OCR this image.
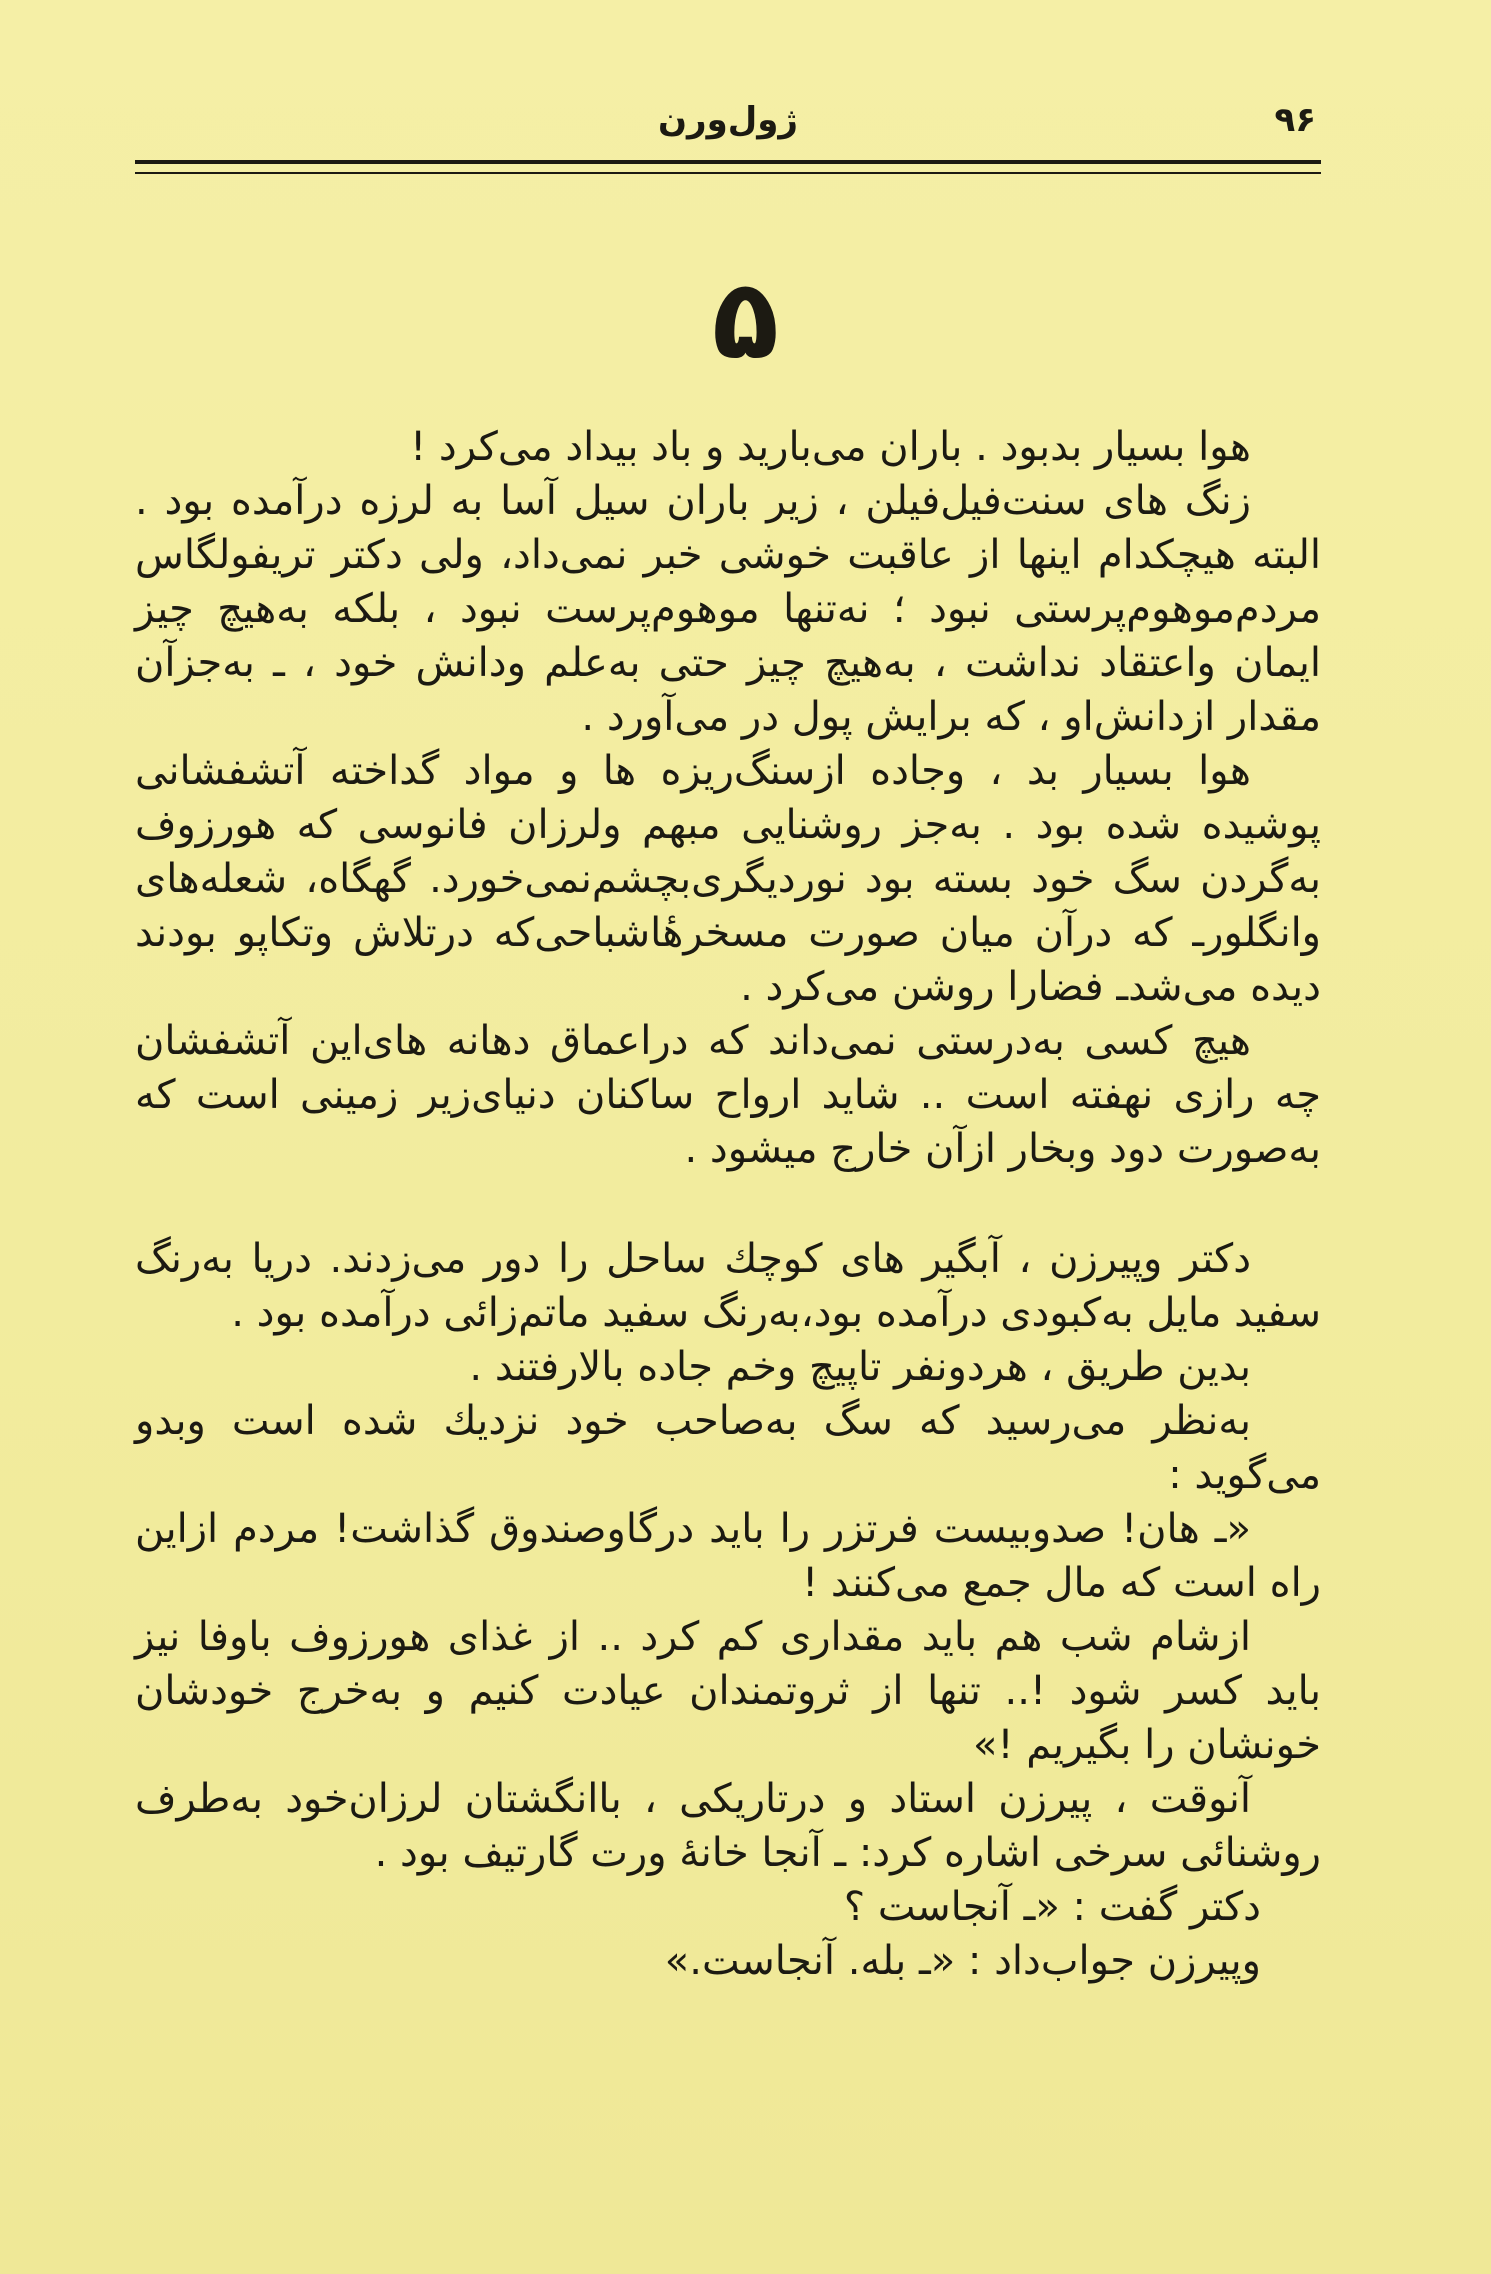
۹۶
ژول‌ورن
۵

هوا بسیار بدبود . باران می‌بارید و باد بیداد می‌کرد !

زنگ های سنت‌فیل‌فیلن ، زیر باران سیل آسا به لرزه درآمده بود . البته هیچکدام اینها از عاقبت خوشی خبر نمی‌داد، ولی دکتر تریفولگاس مردم‌موهوم‌پرستی نبود ؛ نه‌تنها موهوم‌پرست نبود ، بلکه به‌هیچ چیز ایمان واعتقاد نداشت ، به‌هیچ چیز حتی به‌علم ودانش خود ، ـ به‌جزآن مقدار ازدانش‌او ، که برایش پول در می‌آورد .

هوا بسیار بد ، وجاده ازسنگ‌ریزه ها و مواد گداخته آتشفشانی پوشیده شده بود . به‌جز روشنایی مبهم ولرزان فانوسی که هورزوف به‌گردن سگ خود بسته بود نوردیگری‌بچشم‌نمی‌خورد. گهگاه، شعله‌های وانگلورـ که درآن میان صورت مسخرهٔاشباحی‌که درتلاش وتکاپو بودند دیده می‌شدـ فضارا روشن می‌کرد .

هیچ کسی به‌درستی نمی‌داند که دراعماق دهانه های‌این آتشفشان چه رازی نهفته است .. شاید ارواح ساکنان دنیای‌زیر زمینی است که به‌صورت دود وبخار ازآن خارج میشود .

دکتر وپیرزن ، آبگیر های کوچك ساحل را دور می‌زدند. دریا به‌رنگ سفید مایل به‌کبودی درآمده بود،به‌رنگ سفید ماتم‌زائی درآمده بود .

بدین طریق ، هردونفر تاپیچ وخم جاده بالارفتند .

به‌نظر می‌رسید که سگ به‌صاحب خود نزدیك شده است وبدو می‌گوید :

«ـ هان! صدوبیست فرتزر را باید درگاوصندوق گذاشت! مردم ازاین راه است که مال جمع می‌کنند !

ازشام شب هم باید مقداری کم کرد .. از غذای هورزوف باوفا نیز باید کسر شود !.. تنها از ثروتمندان عیادت کنیم و به‌خرج خودشان خونشان را بگیریم !»

آنوقت ، پیرزن استاد و درتاریکی ، باانگشتان لرزان‌خود به‌طرف روشنائی سرخی اشاره کرد: ـ آنجا خانهٔ ورت گارتیف بود .

دکتر گفت : «ـ آنجاست ؟

وپیرزن جواب‌داد : «ـ بله. آنجاست.»
